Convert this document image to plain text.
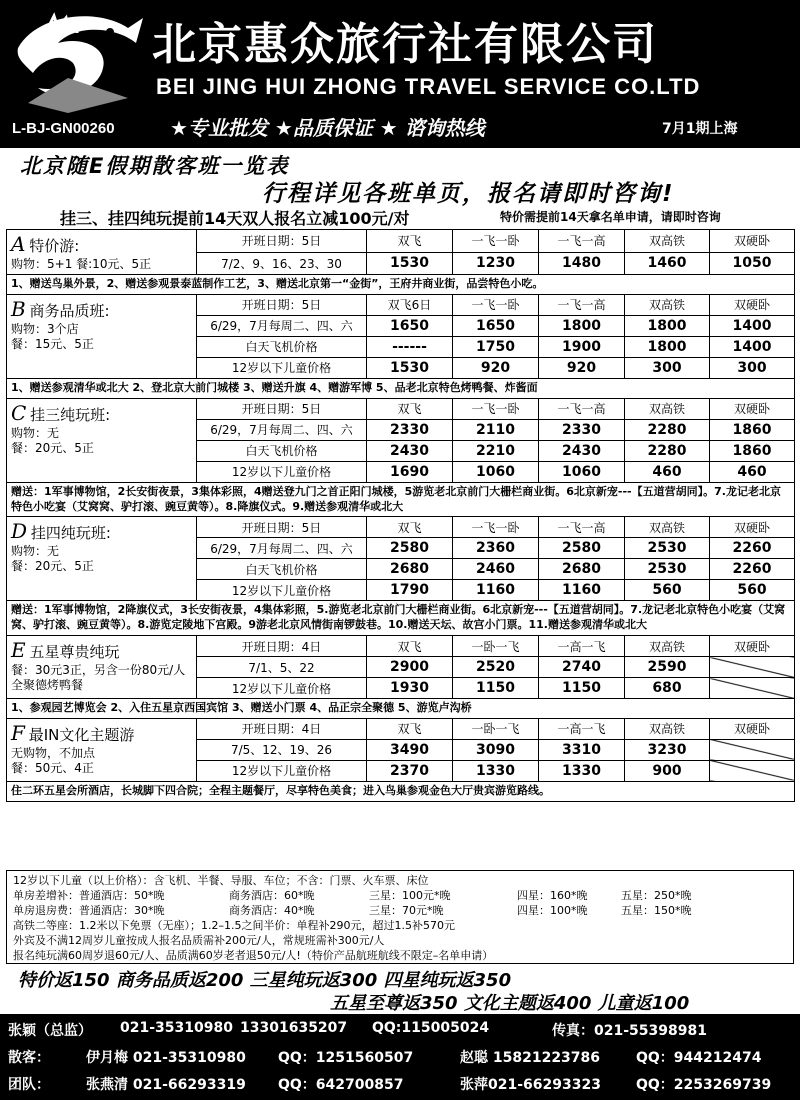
北京惠众旅行社有限公司
BEI JING HUI ZHONG TRAVEL SERVICE CO.LTD
L-BJ-GN00260	★专业批发 ★品质保证 ★ 谘询热线	7月1期上海
北京随E假期散客班一览表
行程详见各班单页，报名请即时咨询!
挂三、挂四纯玩提前14天双人报名立减100元/对	特价需提前14天拿名单申请，请即时咨询
A 特价游:
购物：5+1 餐:10元、5正	开班日期：5日	双飞	一飞一卧	一飞一高	双高铁	双硬卧
	7/2、9、16、23、30	1530	1230	1480	1460	1050
1、赠送鸟巢外景，2、赠送参观景泰蓝制作工艺，3、赠送北京第一“金街”，王府井商业街，品尝特色小吃。						
B 商务品质班:
购物：3个店
餐：15元、5正	开班日期：5日	双飞6日	一飞一卧	一飞一高	双高铁	双硬卧
	6/29，7月每周二、四、六	1650	1650	1800	1800	1400
	白天飞机价格	------	1750	1900	1800	1400
	12岁以下儿童价格	1530	920	920	300	300
1、赠送参观清华或北大 2、登北京大前门城楼 3、赠送升旗 4、赠游军博 5、品老北京特色烤鸭餐、炸酱面						
C 挂三纯玩班:
购物：无
餐：20元、5正	开班日期：5日	双飞	一飞一卧	一飞一高	双高铁	双硬卧
	6/29，7月每周二、四、六	2330	2110	2330	2280	1860
	白天飞机价格	2430	2210	2430	2280	1860
	12岁以下儿童价格	1690	1060	1060	460	460
赠送：1军事博物馆，2长安街夜景，3集体彩照，4赠送登九门之首正阳门城楼，5游览老北京前门大栅栏商业街。6北京新宠---【五道营胡同】。7.龙记老北京特色小吃宴（艾窝窝、驴打滚、豌豆黄等）。8.降旗仪式。9.赠送参观清华或北大						
D 挂四纯玩班:
购物：无
餐：20元、5正	开班日期：5日	双飞	一飞一卧	一飞一高	双高铁	双硬卧
	6/29，7月每周二、四、六	2580	2360	2580	2530	2260
	白天飞机价格	2680	2460	2680	2530	2260
	12岁以下儿童价格	1790	1160	1160	560	560
赠送：1军事博物馆，2降旗仪式，3长安街夜景，4集体彩照，5.游览老北京前门大栅栏商业街。6北京新宠---【五道营胡同】。7.龙记老北京特色小吃宴（艾窝窝、驴打滚、豌豆黄等）。8.游览定陵地下宫殿。9游老北京风情街南锣鼓巷。10.赠送天坛、故宫小门票。11.赠送参观清华或北大						
E 五星尊贵纯玩
餐：30元3正，另含一份80元/人全聚德烤鸭餐	开班日期：4日	双飞	一卧一飞	一高一飞	双高铁	双硬卧
	7/1、5、22	2900	2520	2740	2590	
	12岁以下儿童价格	1930	1150	1150	680	
1、参观园艺博览会 2、入住五星京西国宾馆 3、赠送小门票 4、品正宗全聚德 5、游览卢沟桥						
F 最IN文化主题游
无购物，不加点
餐：50元、4正	开班日期：4日	双飞	一卧一飞	一高一飞	双高铁	双硬卧
	7/5、12、19、26	3490	3090	3310	3230	
	12岁以下儿童价格	2370	1330	1330	900	
住二环五星会所酒店，长城脚下四合院；全程主题餐厅，尽享特色美食；进入鸟巢参观金色大厅贵宾游览路线。						
12岁以下儿童（以上价格）：含飞机、半餐、导服、车位；不含：门票、火车票、床位
单房差增补：普通酒店：50*晚	商务酒店：60*晚	三星：100元*晚	四星：160*晚	五星：250*晚
单房退房费：普通酒店：30*晚	商务酒店：40*晚	三星：70元*晚	四星：100*晚	五星：150*晚
高铁二等座：1.2米以下免票（无座）；1.2–1.5之间半价：单程补290元，超过1.5补570元
外宾及不满12周岁儿童按成人报名品质需补200元/人，常规班需补300元/人
报名纯玩满60周岁退60元/人、品质满60岁老者退50元/人!（特价产品航班航线不限定–名单申请）
特价返150 商务品质返200 三星纯玩返300 四星纯玩返350
五星至尊返350 文化主题返400 儿童返100
张颖（总监） 021-35310980 13301635207 QQ:115005024	传真：021-55398981
散客：	伊月梅 021-35310980 QQ：1251560507	赵聪 15821223786	QQ：944212474
团队：	张燕清 021-66293319 QQ：642700857	张萍021-66293323	QQ：2253269739
